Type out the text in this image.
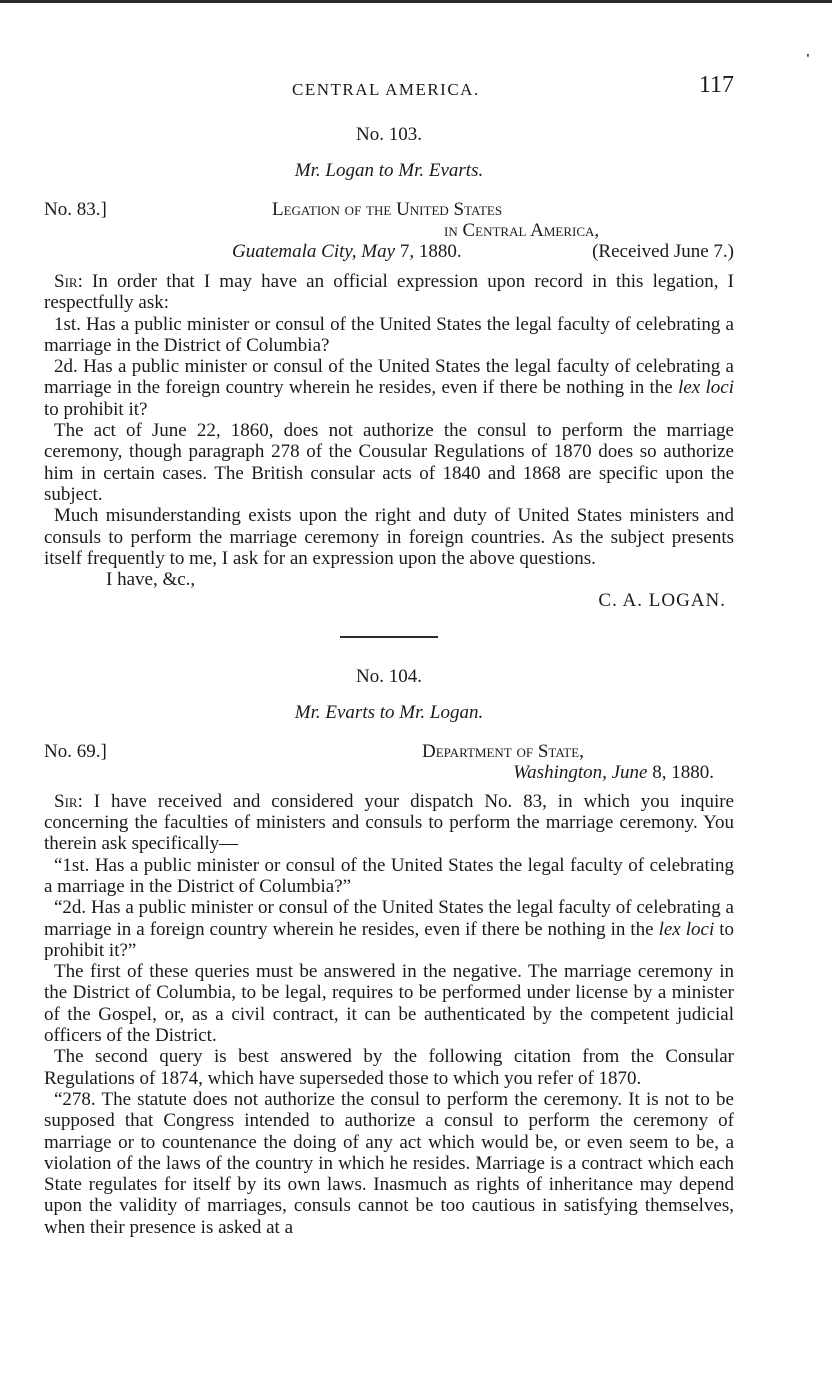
'
CENTRAL AMERICA.	117
No. 103.
Mr. Logan to Mr. Evarts.
No. 83.]	Legation of the United States
in Central America,
Guatemala City, May 7, 1880.	(Received June 7.)

Sir: In order that I may have an official expression upon record in this legation, I respectfully ask:

1st. Has a public minister or consul of the United States the legal faculty of celebrating a marriage in the District of Columbia?

2d. Has a public minister or consul of the United States the legal faculty of celebrating a marriage in the foreign country wherein he resides, even if there be nothing in the lex loci to prohibit it?

The act of June 22, 1860, does not authorize the consul to perform the marriage ceremony, though paragraph 278 of the Cousular Regulations of 1870 does so authorize him in certain cases. The British consular acts of 1840 and 1868 are specific upon the subject.

Much misunderstanding exists upon the right and duty of United States ministers and consuls to perform the marriage ceremony in foreign countries. As the subject presents itself frequently to me, I ask for an expression upon the above questions.

I have, &c.,
C. A. LOGAN.
No. 104.
Mr. Evarts to Mr. Logan.
No. 69.]	Department of State,
Washington, June 8, 1880.

Sir: I have received and considered your dispatch No. 83, in which you inquire concerning the faculties of ministers and consuls to perform the marriage ceremony. You therein ask specifically—

“1st. Has a public minister or consul of the United States the legal faculty of celebrating a marriage in the District of Columbia?”

“2d. Has a public minister or consul of the United States the legal faculty of celebrating a marriage in a foreign country wherein he resides, even if there be nothing in the lex loci to prohibit it?”

The first of these queries must be answered in the negative. The marriage ceremony in the District of Columbia, to be legal, requires to be performed under license by a minister of the Gospel, or, as a civil contract, it can be authenticated by the competent judicial officers of the District.

The second query is best answered by the following citation from the Consular Regulations of 1874, which have superseded those to which you refer of 1870.

“278. The statute does not authorize the consul to perform the ceremony. It is not to be supposed that Congress intended to authorize a consul to perform the ceremony of marriage or to countenance the doing of any act which would be, or even seem to be, a violation of the laws of the country in which he resides. Marriage is a contract which each State regulates for itself by its own laws. Inasmuch as rights of inheritance may depend upon the validity of marriages, consuls cannot be too cautious in satisfying themselves, when their presence is asked at a
